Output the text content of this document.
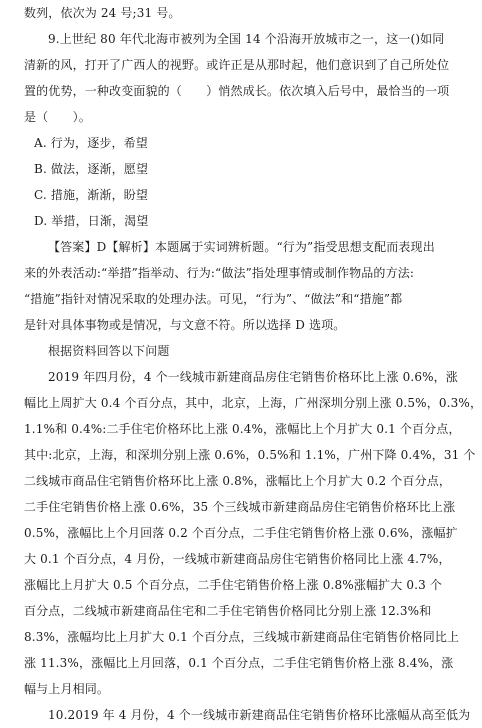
数列，依次为 24 号;31 号。
9.上世纪 80 年代北海市被列为全国 14 个沿海开放城市之一，这一()如同
清新的风，打开了广西人的视野。或许正是从那时起，他们意识到了自己所处位
置的优势，一种改变面貌的（　　）悄然成长。依次填入后号中，最恰当的一项
是（　　）。
A. 行为，逐步，希望
B. 做法，逐渐，愿望
C. 措施，渐渐，盼望
D. 举措，日渐，渴望
【答案】D【解析】本题属于实词辨析题。“行为”指受思想支配而表现出
来的外表活动:“举措”指举动、行为:“做法”指处理事情或制作物品的方法:
“措施”指针对情况采取的处理办法。可见，“行为”、“做法”和“措施”都
是针对具体事物或是情况，与文意不符。所以选择 D 选项。
根据资料回答以下问题
2019 年四月份，4 个一线城市新建商品房住宅销售价格环比上涨 0.6%，涨
幅比上周扩大 0.4 个百分点，其中，北京，上海，广州深圳分别上涨 0.5%，0.3%，
1.1%和 0.4%:二手住宅价格环比上涨 0.4%，涨幅比上个月扩大 0.1 个百分点，
其中:北京，上海，和深圳分别上涨 0.6%，0.5%和 1.1%，广州下降 0.4%，31 个
二线城市商品住宅销售价格环比上涨 0.8%，涨幅比上个月扩大 0.2 个百分点，
二手住宅销售价格上涨 0.6%，35 个三线城市新建商品房住宅销售价格环比上涨
0.5%，涨幅比上个月回落 0.2 个百分点，二手住宅销售价格上涨 0.6%，涨幅扩
大 0.1 个百分点，4 月份，一线城市新建商品房住宅销售价格同比上涨 4.7%，
涨幅比上月扩大 0.5 个百分点，二手住宅销售价格上涨 0.8%涨幅扩大 0.3 个
百分点，二线城市新建商品住宅和二手住宅销售价格同比分别上涨 12.3%和
8.3%，涨幅均比上月扩大 0.1 个百分点，三线城市新建商品住宅销售价格同比上
涨 11.3%，涨幅比上月回落，0.1 个百分点，二手住宅销售价格上涨 8.4%，涨
幅与上月相同。
10.2019 年 4 月份，4 个一线城市新建商品住宅销售价格环比涨幅从高至低为
